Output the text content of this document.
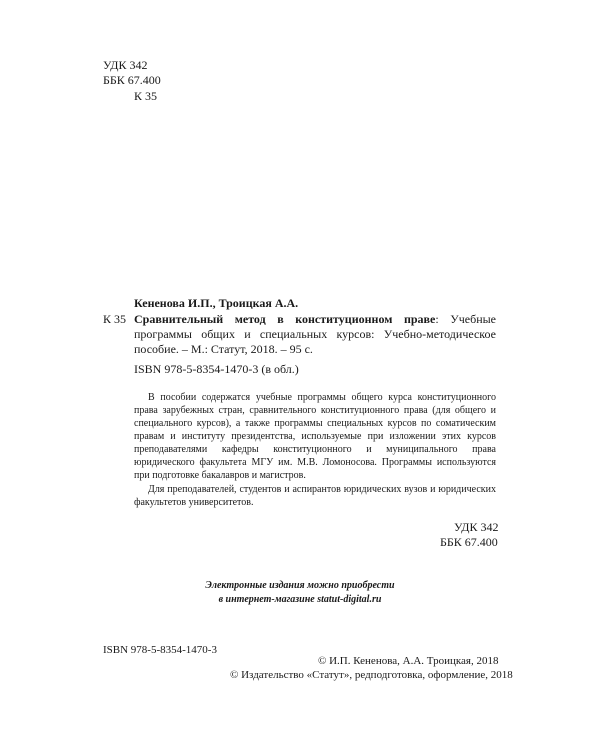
УДК 342
ББК 67.400
К 35
Кененова И.П., Троицкая А.А.
К 35 Сравнительный метод в конституционном праве: Учебные программы общих и специальных курсов: Учебно-методическое пособие. – М.: Статут, 2018. – 95 с.

ISBN 978-5-8354-1470-3 (в обл.)

В пособии содержатся учебные программы общего курса конституционного права зарубежных стран, сравнительного конституционного права (для общего и специального курсов), а также программы специальных курсов по соматическим правам и институту президентства, используемые при изложении этих курсов преподавателями кафедры конституционного и муниципального права юридического факультета МГУ им. М.В. Ломоносова. Программы используются при подготовке бакалавров и магистров.

Для преподавателей, студентов и аспирантов юридических вузов и юридических факультетов университетов.

УДК 342
ББК 67.400
Электронные издания можно приобрести
в интернет-магазине statut-digital.ru
ISBN 978-5-8354-1470-3
© И.П. Кененова, А.А. Троицкая, 2018
© Издательство «Статут», редподготовка, оформление, 2018
